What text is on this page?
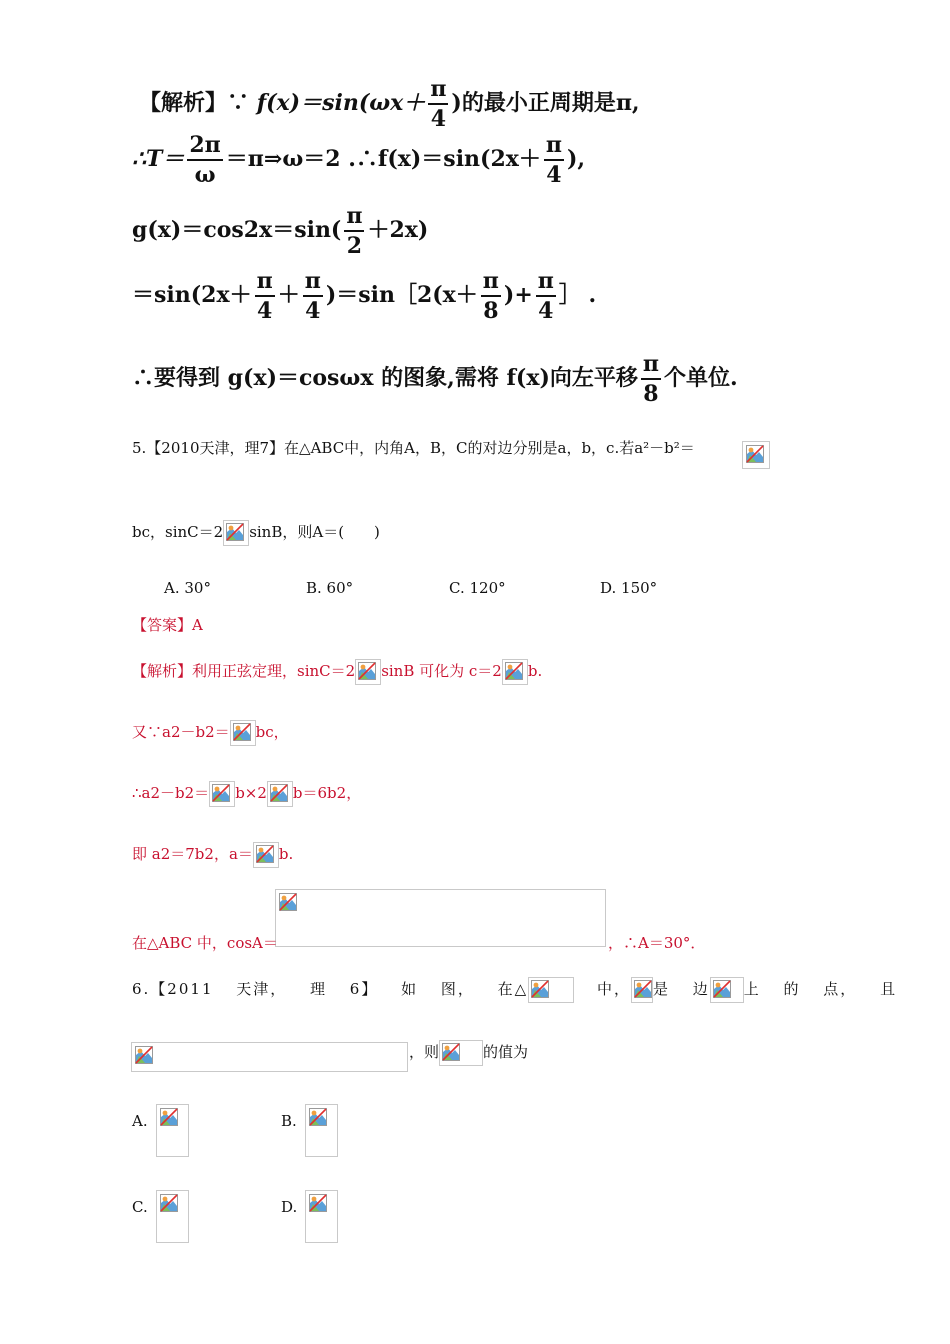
【解析】∵ $f(x)=\sin(\omega x+ \frac{\pi}{4}$ )的最小正周期是π,
∴T＝ $\frac{2\pi}{\omega}$ ＝π⇒ω＝2 .∴f(x)＝sin(2x＋ $\frac{\pi}{4}$ ),
$g(x)=\cos 2x=\sin( \frac{\pi}{2} +2x)$
$=\sin(2x+ \frac{\pi}{4} + \frac{\pi}{4}$ )＝sin［2(x＋ $\frac{\pi}{8}$ )+ $\frac{\pi}{4}$ ］ .
∴要得到 g(x)＝cosωx 的图象,需将 f(x)向左平移 $\frac{\pi}{8}$ 个单位.
5.【2010天津，理7】在△ABC中，内角A，B，C的对边分别是a，b，c.若a²－b²＝
bc，sinC＝2 sinB，则A＝(　　)
A. 30°	B. 60°	C. 120°	D. 150°
【答案】A
【解析】利用正弦定理，sinC＝2 sinB 可化为 c＝2 b.
又∵a2－b2＝ bc，
∴a2－b2＝ b×2 b＝6b2，
即 a2＝7b2，a＝ b.
在△ABC 中，cosA＝	，∴A＝30°．
6.【2011 天津， 理 6】 如 图， 在△	中， 是 边 上 的 点， 且
，则	的值为
A.	B.
C.	D.
